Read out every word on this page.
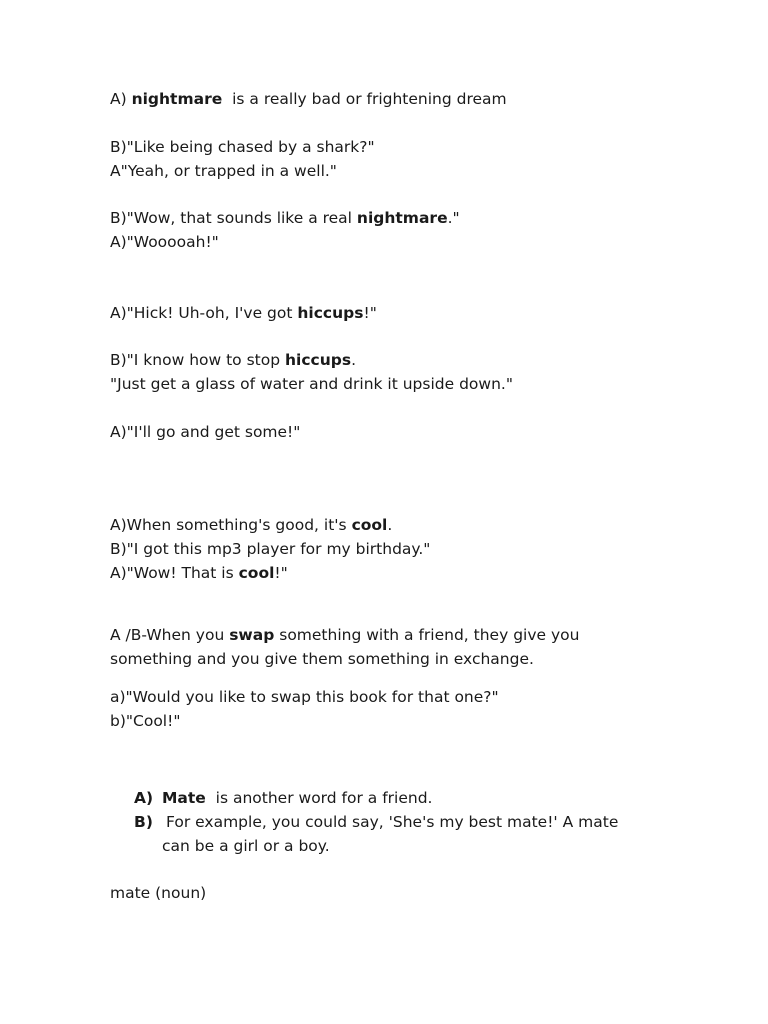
A) nightmare  is a really bad or frightening dream
B)"Like being chased by a shark?"
A"Yeah, or trapped in a well."
B)"Wow, that sounds like a real nightmare."
A)"Wooooah!"
A)"Hick! Uh-oh, I've got hiccups!"
B)"I know how to stop hiccups.
"Just get a glass of water and drink it upside down."
A)"I'll go and get some!"
A)When something's good, it's cool.
B)"I got this mp3 player for my birthday."
A)"Wow! That is cool!"
A /B-When you swap something with a friend, they give you
something and you give them something in exchange.
a)"Would you like to swap this book for that one?"
b)"Cool!"
A) Mate  is another word for a friend.
B) For example, you could say, 'She's my best mate!' A mate
can be a girl or a boy.
mate (noun)
